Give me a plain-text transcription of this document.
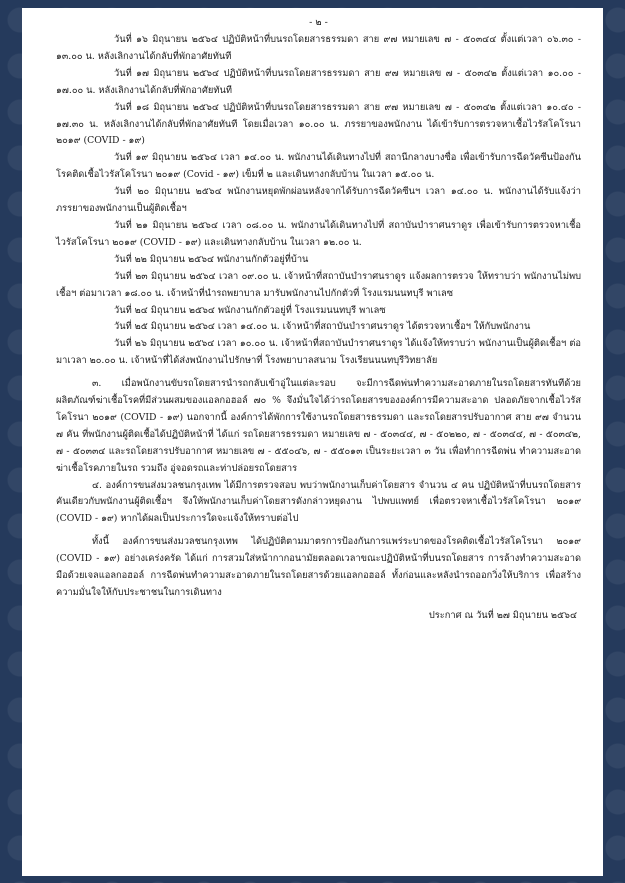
- ๒ -

วันที่ ๑๖ มิถุนายน ๒๕๖๔ ปฏิบัติหน้าที่บนรถโดยสารธรรมดา สาย ๙๗ หมายเลข ๗ - ๕๐๓๔๔ ตั้งแต่เวลา ๐๖.๓๐ - ๑๓.๐๐ น. หลังเลิกงานได้กลับที่พักอาศัยทันที

วันที่ ๑๗ มิถุนายน ๒๕๖๔ ปฏิบัติหน้าที่บนรถโดยสารธรรมดา สาย ๙๗ หมายเลข ๗ - ๕๐๓๔๒ ตั้งแต่เวลา ๑๐.๐๐ - ๑๗.๐๐ น. หลังเลิกงานได้กลับที่พักอาศัยทันที

วันที่ ๑๘ มิถุนายน ๒๕๖๔ ปฏิบัติหน้าที่บนรถโดยสารธรรมดา สาย ๙๗ หมายเลข ๗ - ๕๐๓๔๒ ตั้งแต่เวลา ๑๐.๔๐ - ๑๗.๓๐ น. หลังเลิกงานได้กลับที่พักอาศัยทันที โดยเมื่อเวลา ๑๐.๐๐ น. ภรรยาของพนักงาน ได้เข้ารับการตรวจหาเชื้อไวรัสโคโรนา ๒๐๑๙ (COVID - ๑๙)

วันที่ ๑๙ มิถุนายน ๒๕๖๔ เวลา ๑๔.๐๐ น. พนักงานได้เดินทางไปที่ สถานีกลางบางซื่อ เพื่อเข้ารับการฉีดวัคซีนป้องกันโรคติดเชื้อไวรัสโคโรนา ๒๐๑๙ (Covid - ๑๙) เข็มที่ ๒ และเดินทางกลับบ้าน ในเวลา ๑๕.๐๐ น.

วันที่ ๒๐ มิถุนายน ๒๕๖๔ พนักงานหยุดพักผ่อนหลังจากได้รับการฉีดวัคซีนฯ เวลา ๑๔.๐๐ น. พนักงานได้รับแจ้งว่า ภรรยาของพนักงานเป็นผู้ติดเชื้อฯ

วันที่ ๒๑ มิถุนายน ๒๕๖๔ เวลา ๐๘.๐๐ น. พนักงานได้เดินทางไปที่ สถาบันบำราศนราดูร เพื่อเข้ารับการตรวจหาเชื้อไวรัสโคโรนา ๒๐๑๙ (COVID - ๑๙) และเดินทางกลับบ้าน ในเวลา ๑๒.๐๐ น.

วันที่ ๒๒ มิถุนายน ๒๕๖๔ พนักงานกักตัวอยู่ที่บ้าน

วันที่ ๒๓ มิถุนายน ๒๕๖๔ เวลา ๐๙.๐๐ น. เจ้าหน้าที่สถาบันบำราศนราดูร แจ้งผลการตรวจ ให้ทราบว่า พนักงานไม่พบเชื้อฯ ต่อมาเวลา ๑๘.๐๐ น. เจ้าหน้าที่นำรถพยาบาล มารับพนักงานไปกักตัวที่ โรงแรมนนทบุรี พาเลซ

วันที่ ๒๔ มิถุนายน ๒๕๖๔ พนักงานกักตัวอยู่ที่ โรงแรมนนทบุรี พาเลซ

วันที่ ๒๕ มิถุนายน ๒๕๖๔ เวลา ๑๔.๐๐ น. เจ้าหน้าที่สถาบันบำราศนราดูร ได้ตรวจหาเชื้อฯ ให้กับพนักงาน

วันที่ ๒๖ มิถุนายน ๒๕๖๔ เวลา ๑๐.๐๐ น. เจ้าหน้าที่สถาบันบำราศนราดูร ได้แจ้งให้ทราบว่า พนักงานเป็นผู้ติดเชื้อฯ ต่อมาเวลา ๒๐.๐๐ น. เจ้าหน้าที่ได้ส่งพนักงานไปรักษาที่ โรงพยาบาลสนาม โรงเรียนนนทบุรีวิทยาลัย

๓. เมื่อพนักงานขับรถโดยสารนำรถกลับเข้าอู่ในแต่ละรอบ จะมีการฉีดพ่นทำความสะอาดภายในรถโดยสารทันทีด้วยผลิตภัณฑ์ฆ่าเชื้อโรคที่มีส่วนผสมของแอลกอฮอล์ ๗๐ % จึงมั่นใจได้ว่ารถโดยสารขององค์การมีความสะอาด ปลอดภัยจากเชื้อไวรัสโคโรนา ๒๐๑๙ (COVID - ๑๙) นอกจากนี้ องค์การได้พักการใช้งานรถโดยสารธรรมดา และรถโดยสารปรับอากาศ สาย ๙๗ จำนวน ๗ คัน ที่พนักงานผู้ติดเชื้อได้ปฏิบัติหน้าที่ ได้แก่ รถโดยสารธรรมดา หมายเลข ๗ - ๕๐๓๔๔, ๗ - ๕๐๒๒๐, ๗ - ๕๐๓๔๔, ๗ - ๕๐๓๔๒, ๗ - ๕๐๓๓๔ และรถโดยสารปรับอากาศ หมายเลข ๗ - ๕๕๐๔๖, ๗ - ๕๕๐๑๓ เป็นระยะเวลา ๓ วัน เพื่อทำการฉีดพ่น ทำความสะอาดฆ่าเชื้อโรคภายในรถ รวมถึง อู่จอดรถและท่าปล่อยรถโดยสาร

๔. องค์การขนส่งมวลชนกรุงเทพ ได้มีการตรวจสอบ พบว่าพนักงานเก็บค่าโดยสาร จำนวน ๔ คน ปฏิบัติหน้าที่บนรถโดยสารคันเดียวกับพนักงานผู้ติดเชื้อฯ จึงให้พนักงานเก็บค่าโดยสารดังกล่าวหยุดงาน ไปพบแพทย์ เพื่อตรวจหาเชื้อไวรัสโคโรนา ๒๐๑๙ (COVID - ๑๙) หากได้ผลเป็นประการใดจะแจ้งให้ทราบต่อไป

ทั้งนี้ องค์การขนส่งมวลชนกรุงเทพ ได้ปฏิบัติตามมาตรการป้องกันการแพร่ระบาดของโรคติดเชื้อไวรัสโคโรนา ๒๐๑๙ (COVID - ๑๙) อย่างเคร่งครัด ได้แก่ การสวมใส่หน้ากากอนามัยตลอดเวลาขณะปฏิบัติหน้าที่บนรถโดยสาร การล้างทำความสะอาดมือด้วยเจลแอลกอฮอล์ การฉีดพ่นทำความสะอาดภายในรถโดยสารด้วยแอลกอฮอล์ ทั้งก่อนและหลังนำรถออกวิ่งให้บริการ เพื่อสร้างความมั่นใจให้กับประชาชนในการเดินทาง

ประกาศ ณ วันที่ ๒๗ มิถุนายน ๒๕๖๔
